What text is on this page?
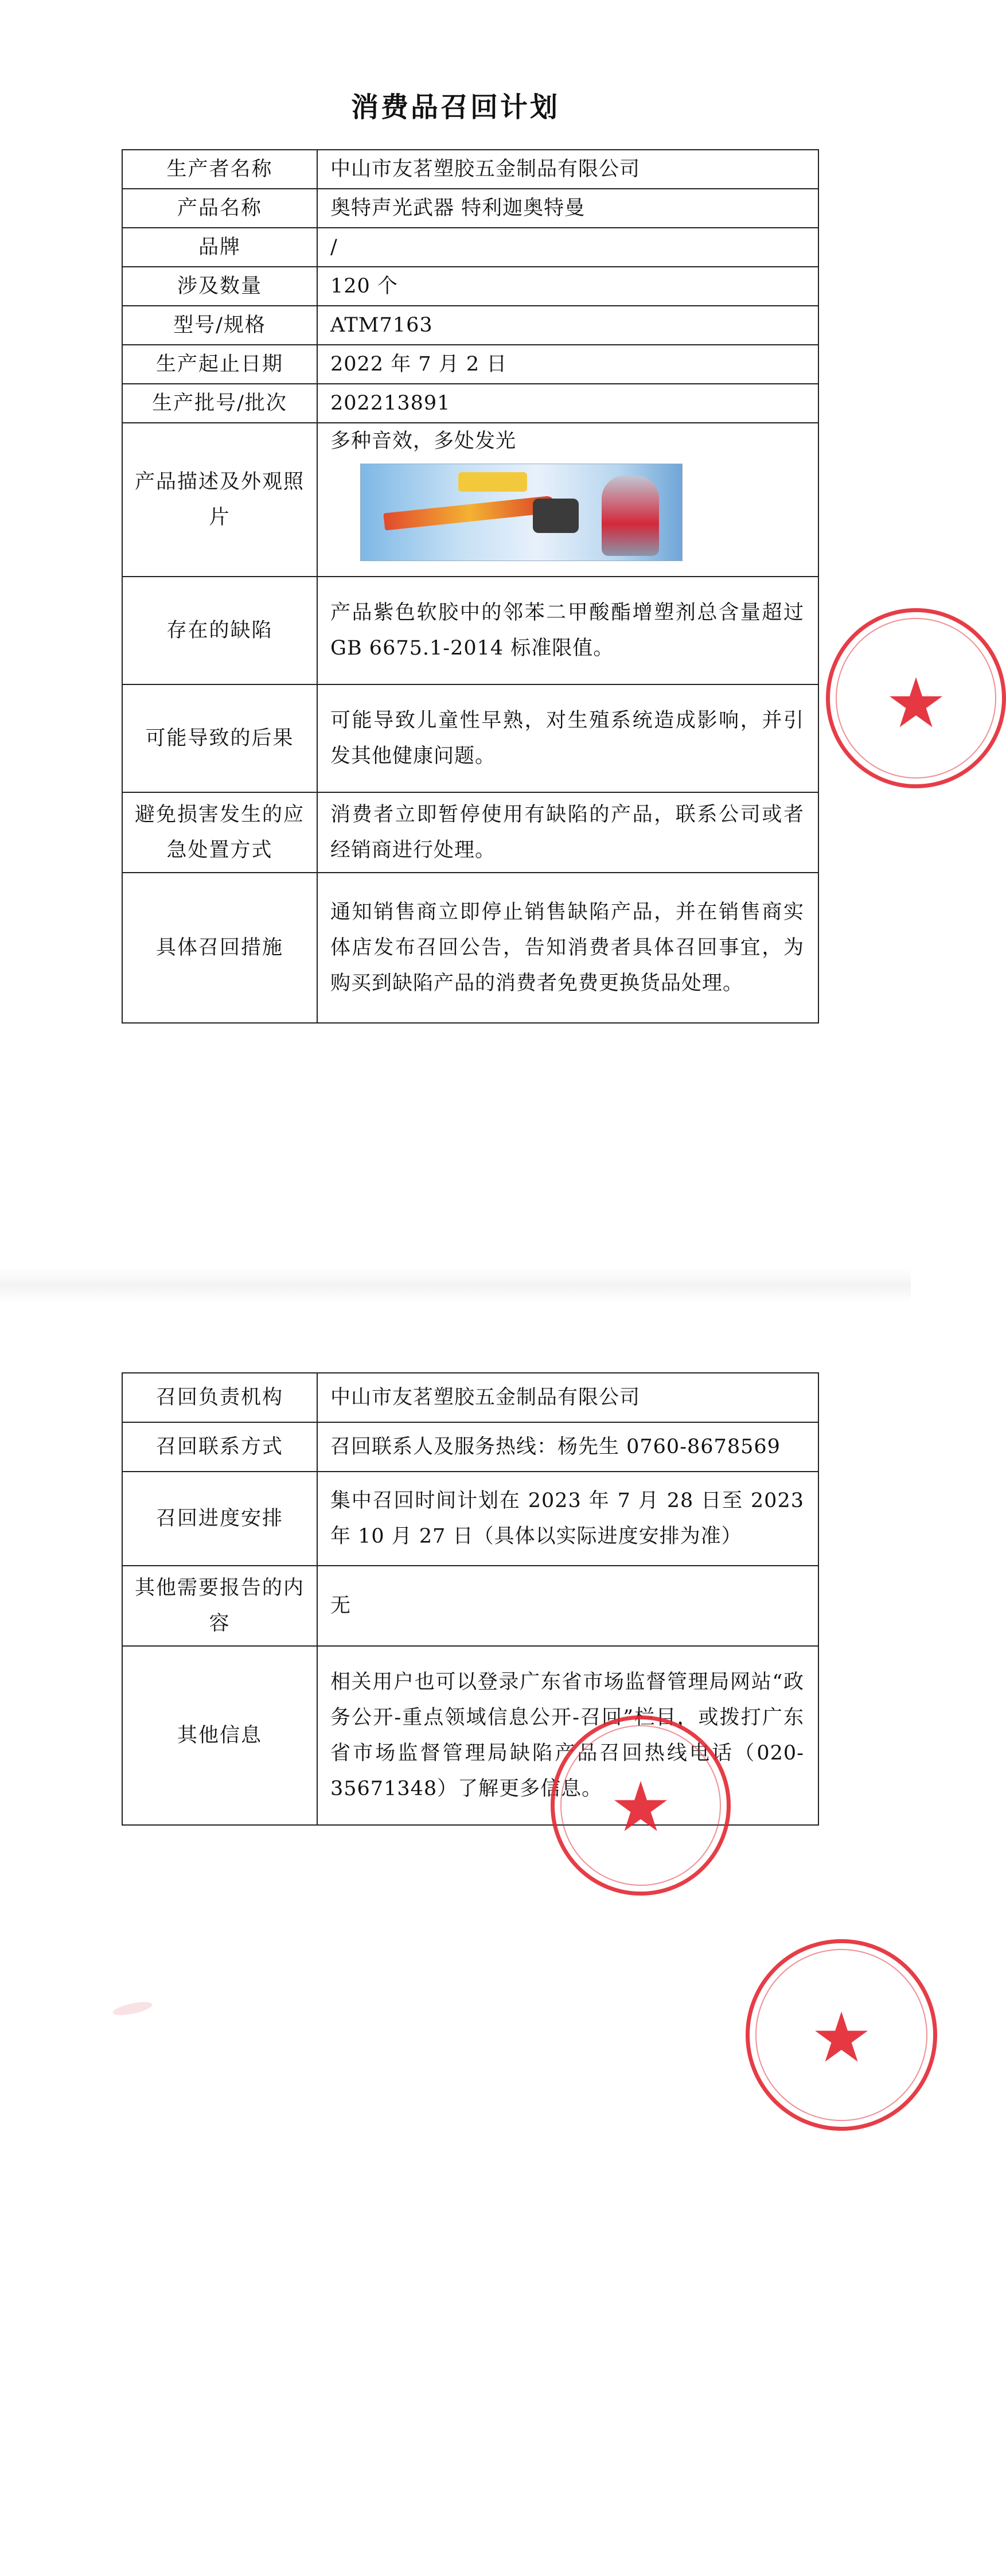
消费品召回计划
生产者名称	中山市友茗塑胶五金制品有限公司
产品名称	奥特声光武器 特利迦奥特曼
品牌	/
涉及数量	120 个
型号/规格	ATM7163
生产起止日期	2022 年 7 月 2 日
生产批号/批次	202213891
产品描述及外观照片	多种音效，多处发光

存在的缺陷	产品紫色软胶中的邻苯二甲酸酯增塑剂总含量超过 GB 6675.1-2014 标准限值。
可能导致的后果	可能导致儿童性早熟，对生殖系统造成影响，并引发其他健康问题。
避免损害发生的应急处置方式	消费者立即暂停使用有缺陷的产品，联系公司或者经销商进行处理。
具体召回措施	通知销售商立即停止销售缺陷产品，并在销售商实体店发布召回公告，告知消费者具体召回事宜，为购买到缺陷产品的消费者免费更换货品处理。
★
召回负责机构	中山市友茗塑胶五金制品有限公司
召回联系方式	召回联系人及服务热线：杨先生 0760-8678569
召回进度安排	集中召回时间计划在 2023 年 7 月 28 日至 2023 年 10 月 27 日（具体以实际进度安排为准）
其他需要报告的内容	无
其他信息	相关用户也可以登录广东省市场监督管理局网站“政务公开-重点领域信息公开-召回”栏目，或拨打广东省市场监督管理局缺陷产品召回热线电话（020-35671348）了解更多信息。 ★
★
